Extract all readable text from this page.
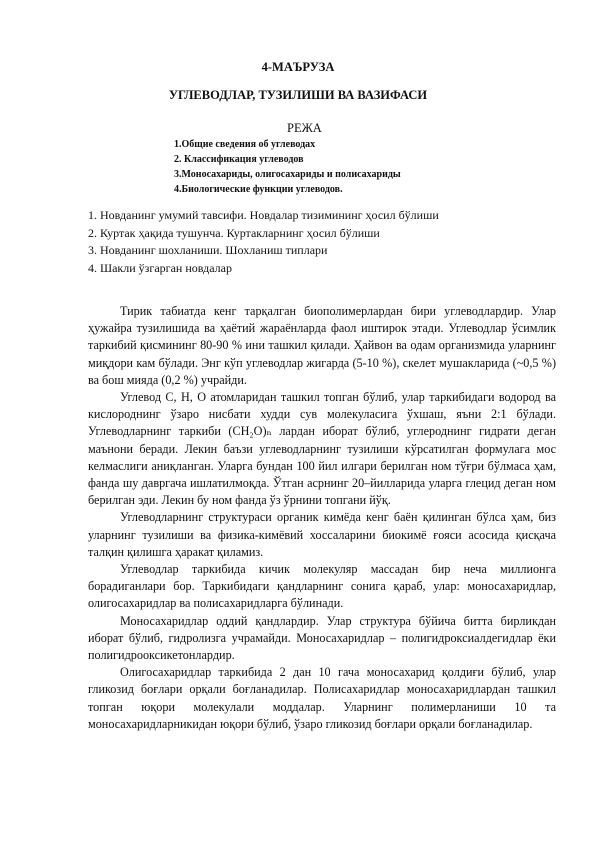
4-МАЪРУЗА
УГЛЕВОДЛАР, ТУЗИЛИШИ ВА ВАЗИФАСИ
РЕЖА
1.Общие сведения об углеводах
2. Классификация углеводов
3.Моносахариды, олигосахариды и полисахариды
4.Биологические функции углеводов.
1. Новданинг умумий тавсифи. Новдалар тизимининг ҳосил бўлиши
2. Куртак ҳақида тушунча. Куртакларнинг ҳосил бўлиши
3. Новданинг шохланиши. Шохланиш типлари
4. Шакли ўзгарган новдалар

Тирик табиатда кенг тарқалган биополимерлардан бири углеводлардир. Улар ҳужайра тузилишида ва ҳаётий жараёнларда фаол иштирок этади. Углеводлар ўсимлик таркибий қисмининг 80-90 % ини ташкил қилади. Ҳайвон ва одам организмида уларнинг миқдори кам бўлади. Энг кўп углеводлар жигарда (5-10 %), скелет мушакларида (~0,5 %) ва бош мияда (0,2 %) учрайди.

Углевод С, Н, О атомларидан ташкил топган бўлиб, улар таркибидаги водород ва кислороднинг ўзаро нисбати худди сув молекуласига ўхшаш, яъни 2:1 бўлади. Углеводларнинг таркиби (СН₂О)ₙ лардан иборат бўлиб, углероднинг гидрати деган маънони беради. Лекин баъзи углеводларнинг тузилиши кўрсатилган формулага мос келмаслиги аниқланган. Уларга бундан 100 йил илгари берилган ном тўғри бўлмаса ҳам, фанда шу давргача ишлатилмоқда. Ўтган асрнинг 20–йилларида уларга глецид деган ном берилган эди. Лекин бу ном фанда ўз ўрнини топгани йўқ.

Углеводларнинг структураси органик кимёда кенг баён қилинган бўлса ҳам, биз уларнинг тузилиши ва физика-кимёвий хоссаларини биокимё ғояси асосида қисқача талқин қилишга ҳаракат қиламиз.

Углеводлар таркибида кичик молекуляр массадан бир неча миллионга борадиганлари бор. Таркибидаги қандларнинг сонига қараб, улар: моносахаридлар, олигосахаридлар ва полисахаридларга бўлинади.

Моносахаридлар оддий қандлардир. Улар структура бўйича битта бирликдан иборат бўлиб, гидролизга учрамайди. Моносахаридлар – полигидроксиалдегидлар ёки полигидрооксикетонлардир.

Олигосахаридлар таркибида 2 дан 10 гача моносахарид қолдиғи бўлиб, улар гликозид боғлари орқали боғланадилар. Полисахаридлар моносахаридлардан ташкил топган юқори молекулали моддалар. Уларнинг полимерланиши 10 та моносахаридларникидан юқори бўлиб, ўзаро гликозид боғлари орқали боғланадилар.
